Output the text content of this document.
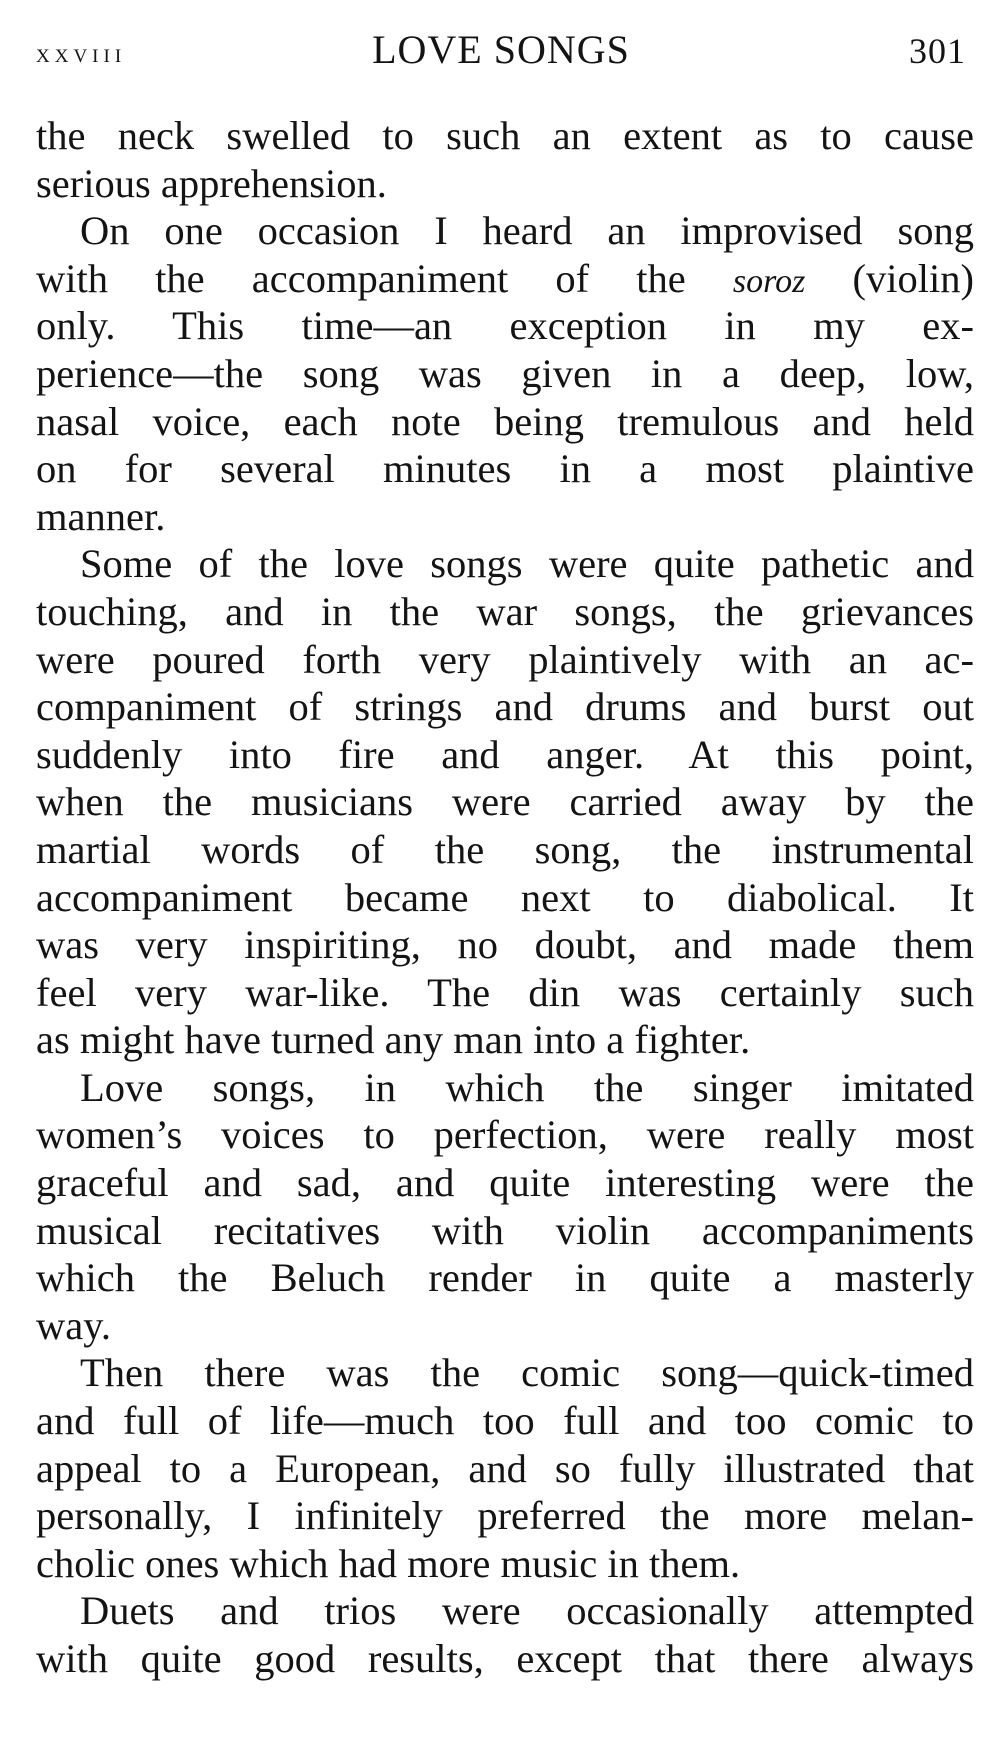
xxviii	LOVE SONGS	301
the neck swelled to such an extent as to cause
serious apprehension.
On one occasion I heard an improvised song
with the accompaniment of the soroz (violin)
only. This time—an exception in my ex-
perience—the song was given in a deep, low,
nasal voice, each note being tremulous and held
on for several minutes in a most plaintive
manner.
Some of the love songs were quite pathetic and
touching, and in the war songs, the grievances
were poured forth very plaintively with an ac-
companiment of strings and drums and burst out
suddenly into fire and anger. At this point,
when the musicians were carried away by the
martial words of the song, the instrumental
accompaniment became next to diabolical. It
was very inspiriting, no doubt, and made them
feel very war-like. The din was certainly such
as might have turned any man into a fighter.
Love songs, in which the singer imitated
women’s voices to perfection, were really most
graceful and sad, and quite interesting were the
musical recitatives with violin accompaniments
which the Beluch render in quite a masterly
way.
Then there was the comic song—quick-timed
and full of life—much too full and too comic to
appeal to a European, and so fully illustrated that
personally, I infinitely preferred the more melan-
cholic ones which had more music in them.
Duets and trios were occasionally attempted
with quite good results, except that there always
